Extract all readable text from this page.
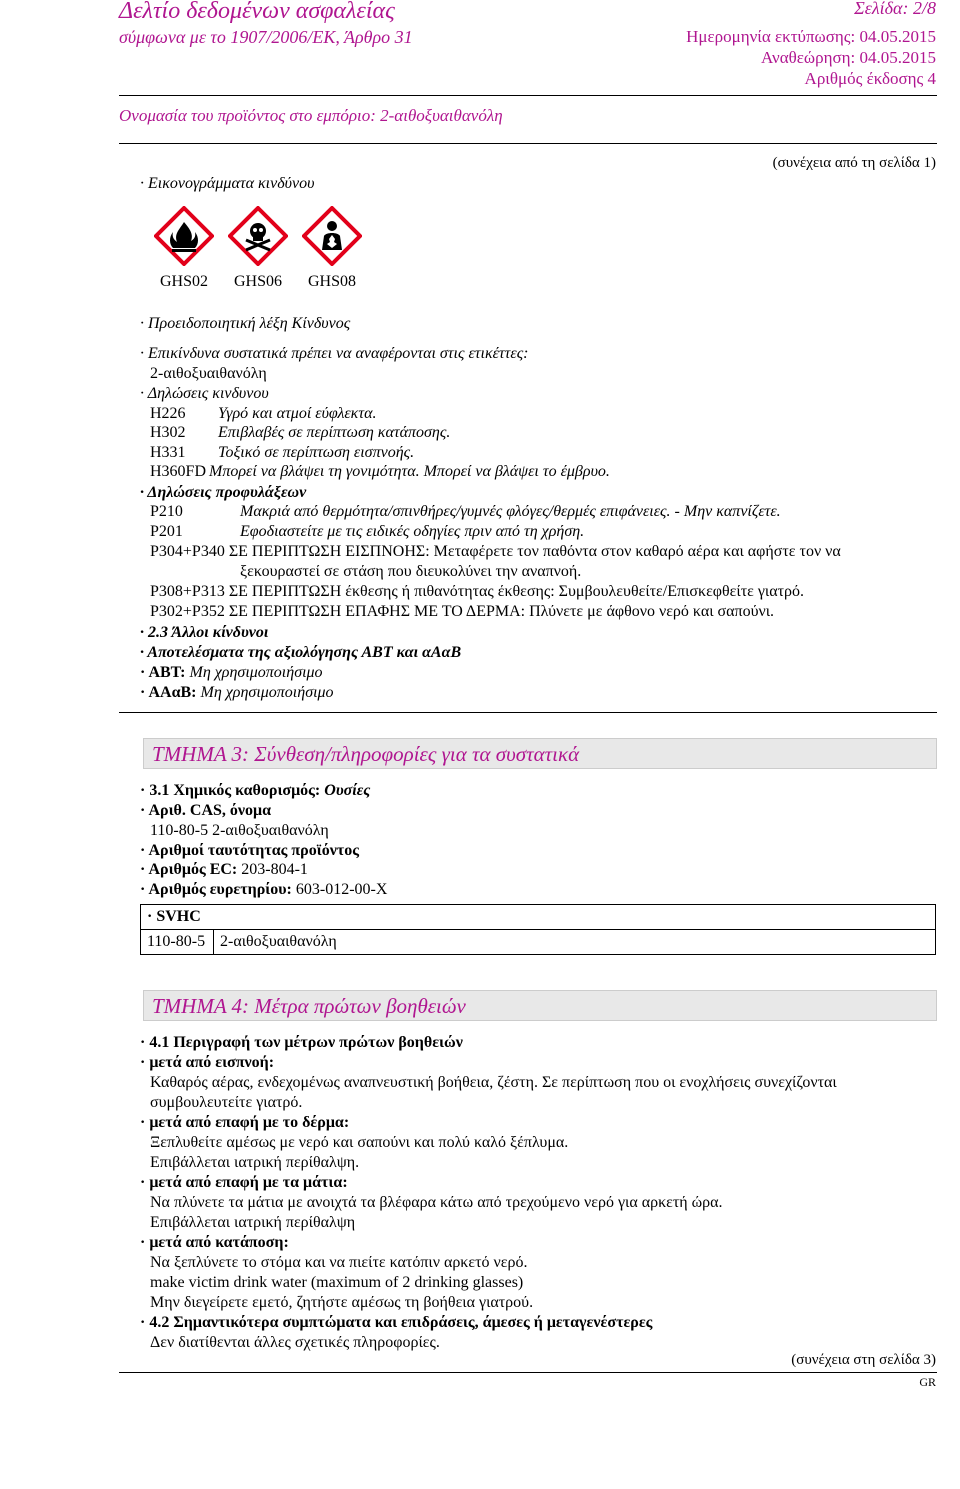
Δελτίο δεδομένων ασφαλείας
σύμφωνα με το 1907/2006/ΕΚ, Άρθρο 31
Σελίδα: 2/8
Ημερομηνία εκτύπωσης: 04.05.2015
Αναθεώρηση: 04.05.2015
Αριθμός έκδοσης 4
Ονομασία του προϊόντος στο εμπόριο: 2-αιθοξυαιθανόλη
(συνέχεια από τη σελίδα 1)
· Εικονογράμματα κινδύνου
GHS02 GHS06 GHS08
· Προειδοποιητική λέξη Κίνδυνος
· Επικίνδυνα συστατικά πρέπει να αναφέρονται στις ετικέττες:
2-αιθοξυαιθανόλη
· Δηλώσεις κινδυνου
H226 Υγρό και ατμοί εύφλεκτα.
H302 Επιβλαβές σε περίπτωση κατάποσης.
H331 Τοξικό σε περίπτωση εισπνοής.
H360FD Μπορεί να βλάψει τη γονιμότητα. Μπορεί να βλάψει το έμβρυο.
· Δηλώσεις προφυλάξεων
P210	Μακριά από θερμότητα/σπινθήρες/γυμνές φλόγες/θερμές επιφάνειες. - Μην καπνίζετε.
P201	Εφοδιαστείτε με τις ειδικές οδηγίες πριν από τη χρήση.
P304+P340 ΣΕ ΠΕΡΙΠΤΩΣΗ ΕΙΣΠΝΟΗΣ: Μεταφέρετε τον παθόντα στον καθαρό αέρα και αφήστε τον να
ξεκουραστεί σε στάση που διευκολύνει την αναπνοή.
P308+P313 ΣΕ ΠΕΡΙΠΤΩΣΗ έκθεσης ή πιθανότητας έκθεσης: Συμβουλευθείτε/Επισκεφθείτε γιατρό.
P302+P352 ΣΕ ΠΕΡΙΠΤΩΣΗ ΕΠΑΦΗΣ ΜΕ ΤΟ ΔΕΡΜΑ: Πλύνετε με άφθονο νερό και σαπούνι.
· 2.3 Άλλοι κίνδυνοι
· Αποτελέσματα της αξιολόγησης ΑΒΤ και αΑαΒ
· ΑΒΤ: Μη χρησιμοποιήσιμο
· ΑΑαΒ: Μη χρησιμοποιήσιμο
ΤΜΗΜΑ 3: Σύνθεση/πληροφορίες για τα συστατικά
· 3.1 Χημικός καθορισμός: Ουσίες
· Αριθ. CAS, όνομα
110-80-5 2-αιθοξυαιθανόλη
· Αριθμοί ταυτότητας προϊόντος
· Αριθμός EC: 203-804-1
· Αριθμός ευρετηρίου: 603-012-00-X
· SVHC
110-80-5	2-αιθοξυαιθανόλη
ΤΜΗΜΑ 4: Μέτρα πρώτων βοηθειών
· 4.1 Περιγραφή των μέτρων πρώτων βοηθειών
· μετά από εισπνοή:
Καθαρός αέρας, ενδεχομένως αναπνευστική βοήθεια, ζέστη. Σε περίπτωση που οι ενοχλήσεις συνεχίζονται
συμβουλευτείτε γιατρό.
· μετά από επαφή με το δέρμα:
Ξεπλυθείτε αμέσως με νερό και σαπούνι και πολύ καλό ξέπλυμα.
Επιβάλλεται ιατρική περίθαλψη.
· μετά από επαφή με τα μάτια:
Να πλύνετε τα μάτια με ανοιχτά τα βλέφαρα κάτω από τρεχούμενο νερό για αρκετή ώρα.
Επιβάλλεται ιατρική περίθαλψη
· μετά από κατάποση:
Να ξεπλύνετε το στόμα και να πιείτε κατόπιν αρκετό νερό.
make victim drink water (maximum of 2 drinking glasses)
Μην διεγείρετε εμετό, ζητήστε αμέσως τη βοήθεια γιατρού.
· 4.2 Σημαντικότερα συμπτώματα και επιδράσεις, άμεσες ή μεταγενέστερες
Δεν διατίθενται άλλες σχετικές πληροφορίες.
(συνέχεια στη σελίδα 3)
GR
